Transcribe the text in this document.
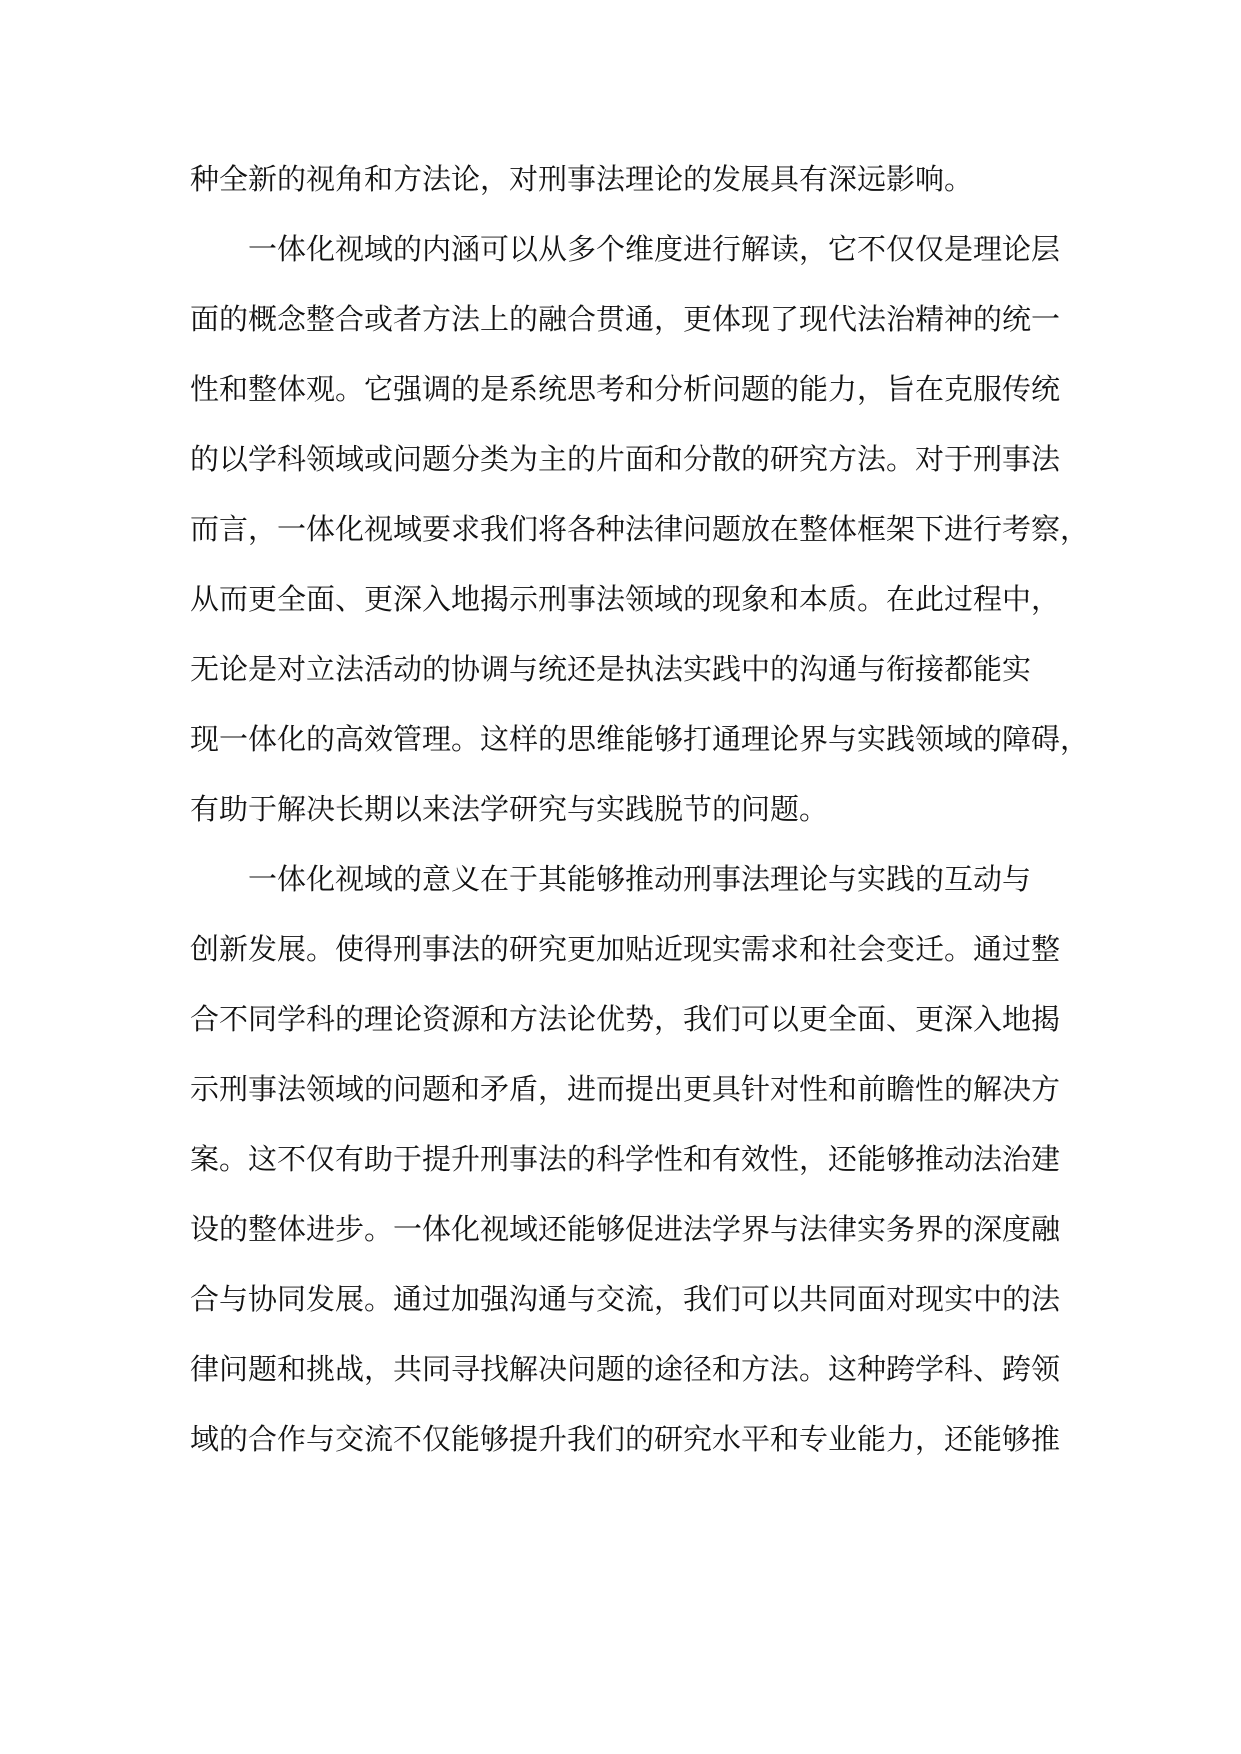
种全新的视角和方法论，对刑事法理论的发展具有深远影响。
一体化视域的内涵可以从多个维度进行解读，它不仅仅是理论层
面的概念整合或者方法上的融合贯通，更体现了现代法治精神的统一
性和整体观。它强调的是系统思考和分析问题的能力，旨在克服传统
的以学科领域或问题分类为主的片面和分散的研究方法。对于刑事法
而言，一体化视域要求我们将各种法律问题放在整体框架下进行考察，
从而更全面、更深入地揭示刑事法领域的现象和本质。在此过程中，
无论是对立法活动的协调与统还是执法实践中的沟通与衔接都能实
现一体化的高效管理。这样的思维能够打通理论界与实践领域的障碍，
有助于解决长期以来法学研究与实践脱节的问题。
一体化视域的意义在于其能够推动刑事法理论与实践的互动与
创新发展。使得刑事法的研究更加贴近现实需求和社会变迁。通过整
合不同学科的理论资源和方法论优势，我们可以更全面、更深入地揭
示刑事法领域的问题和矛盾，进而提出更具针对性和前瞻性的解决方
案。这不仅有助于提升刑事法的科学性和有效性，还能够推动法治建
设的整体进步。一体化视域还能够促进法学界与法律实务界的深度融
合与协同发展。通过加强沟通与交流，我们可以共同面对现实中的法
律问题和挑战，共同寻找解决问题的途径和方法。这种跨学科、跨领
域的合作与交流不仅能够提升我们的研究水平和专业能力，还能够推
